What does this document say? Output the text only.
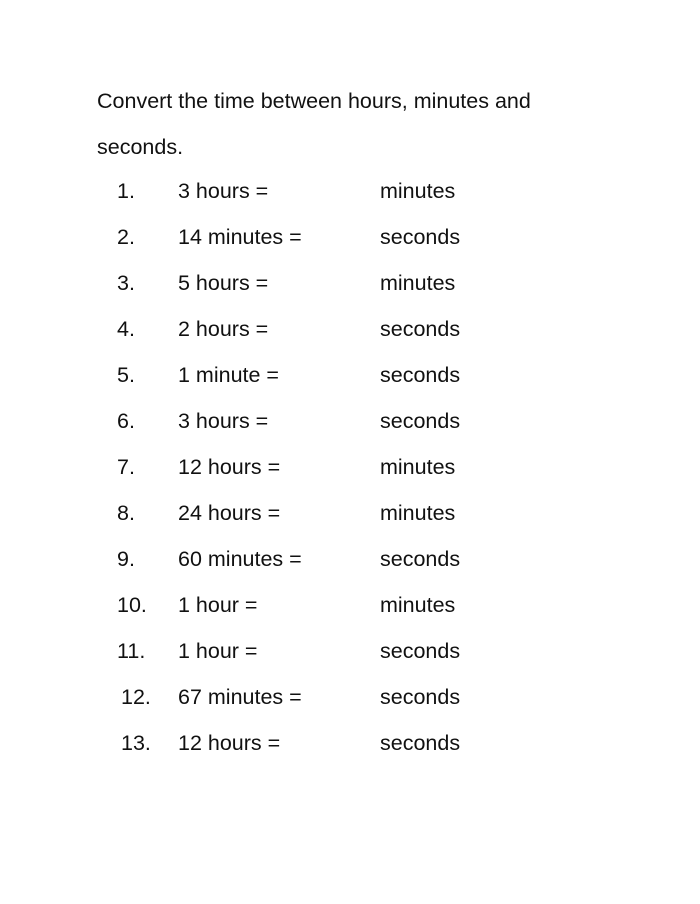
Convert the time between hours, minutes and seconds.

1. 3 hours =	minutes
2. 14 minutes =	seconds
3. 5 hours =	minutes
4. 2 hours =	seconds
5. 1 minute =	seconds
6. 3 hours =	seconds
7. 12 hours =	minutes
8. 24 hours =	minutes
9. 60 minutes =	seconds
10. 1 hour =	minutes
11. 1 hour =	seconds
12. 67 minutes =	seconds
13. 12 hours =	seconds
